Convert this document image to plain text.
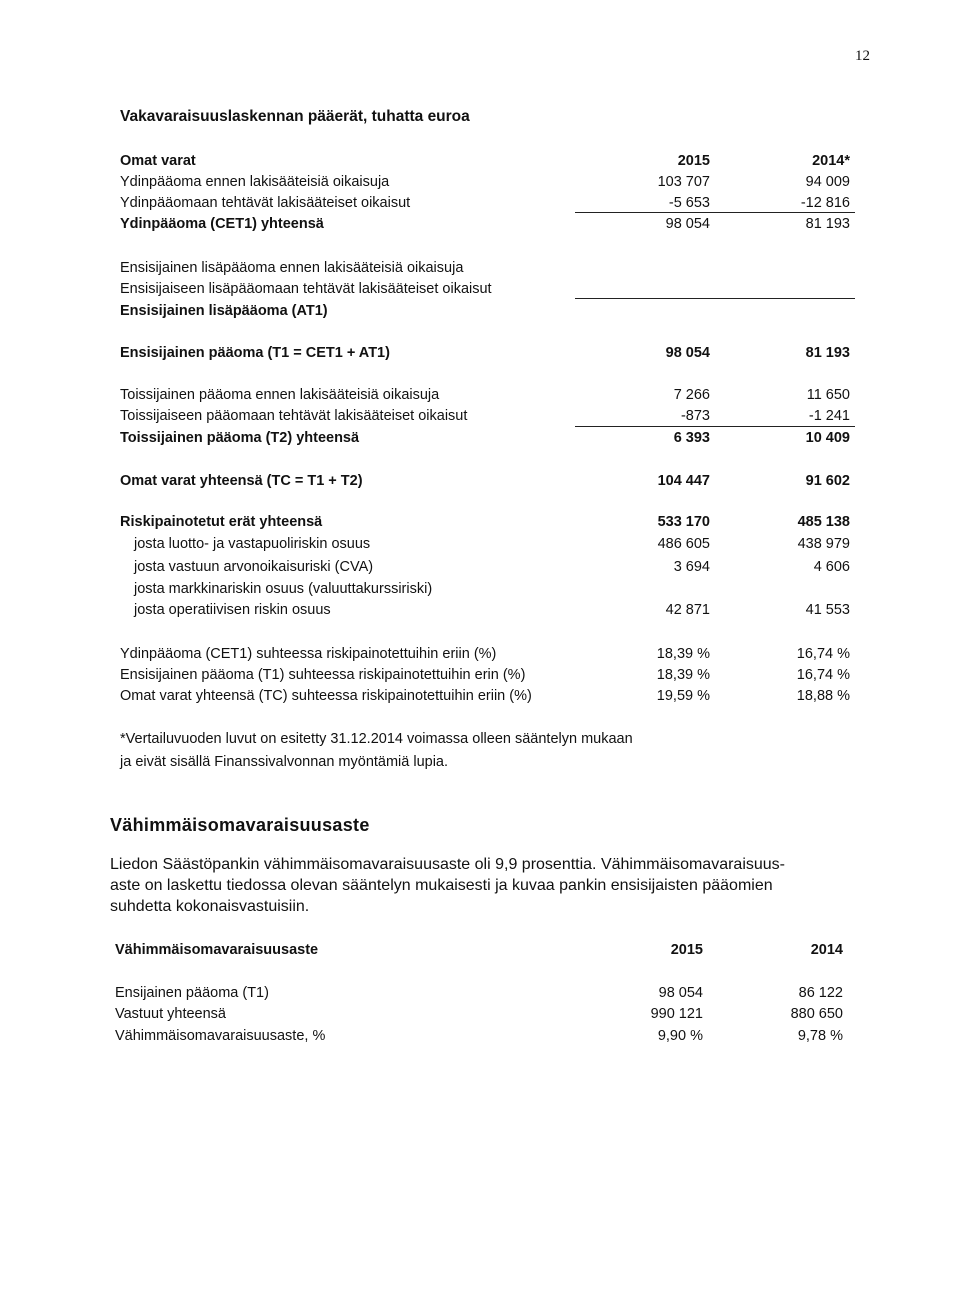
12
Vakavaraisuuslaskennan pääerät, tuhatta euroa
Omat varat	2015	2014*
Ydinpääoma ennen lakisääteisiä oikaisuja	103 707	94 009
Ydinpääomaan tehtävät lakisääteiset oikaisut	-5 653	-12 816
Ydinpääoma (CET1) yhteensä	98 054	81 193
Ensisijainen lisäpääoma ennen lakisääteisiä oikaisuja
Ensisijaiseen lisäpääomaan tehtävät lakisääteiset oikaisut
Ensisijainen lisäpääoma (AT1)
Ensisijainen pääoma (T1 = CET1 + AT1)	98 054	81 193
Toissijainen pääoma ennen lakisääteisiä oikaisuja	7 266	11 650
Toissijaiseen pääomaan tehtävät lakisääteiset oikaisut	-873	-1 241
Toissijainen pääoma (T2) yhteensä	6 393	10 409
Omat varat yhteensä (TC = T1 + T2)	104 447	91 602
Riskipainotetut erät yhteensä	533 170	485 138
josta luotto- ja vastapuoliriskin osuus	486 605	438 979
josta vastuun arvonoikaisuriski (CVA)	3 694	4 606
josta markkinariskin osuus (valuuttakurssiriski)
josta operatiivisen riskin osuus	42 871	41 553
Ydinpääoma (CET1) suhteessa riskipainotettuihin eriin (%)	18,39 %	16,74 %
Ensisijainen pääoma (T1) suhteessa riskipainotettuihin erin (%)	18,39 %	16,74 %
Omat varat yhteensä (TC) suhteessa riskipainotettuihin eriin (%)	19,59 %	18,88 %
*Vertailuvuoden luvut on esitetty 31.12.2014 voimassa olleen sääntelyn mukaan
ja eivät sisällä Finanssivalvonnan myöntämiä lupia.
Vähimmäisomavaraisuusaste
Liedon Säästöpankin vähimmäisomavaraisuusaste oli 9,9 prosenttia. Vähimmäisomavaraisuus-
aste on laskettu tiedossa olevan sääntelyn mukaisesti ja kuvaa pankin ensisijaisten pääomien
suhdetta kokonaisvastuisiin.
Vähimmäisomavaraisuusaste	2015	2014
Ensijainen pääoma (T1)	98 054	86 122
Vastuut yhteensä	990 121	880 650
Vähimmäisomavaraisuusaste, %	9,90 %	9,78 %
